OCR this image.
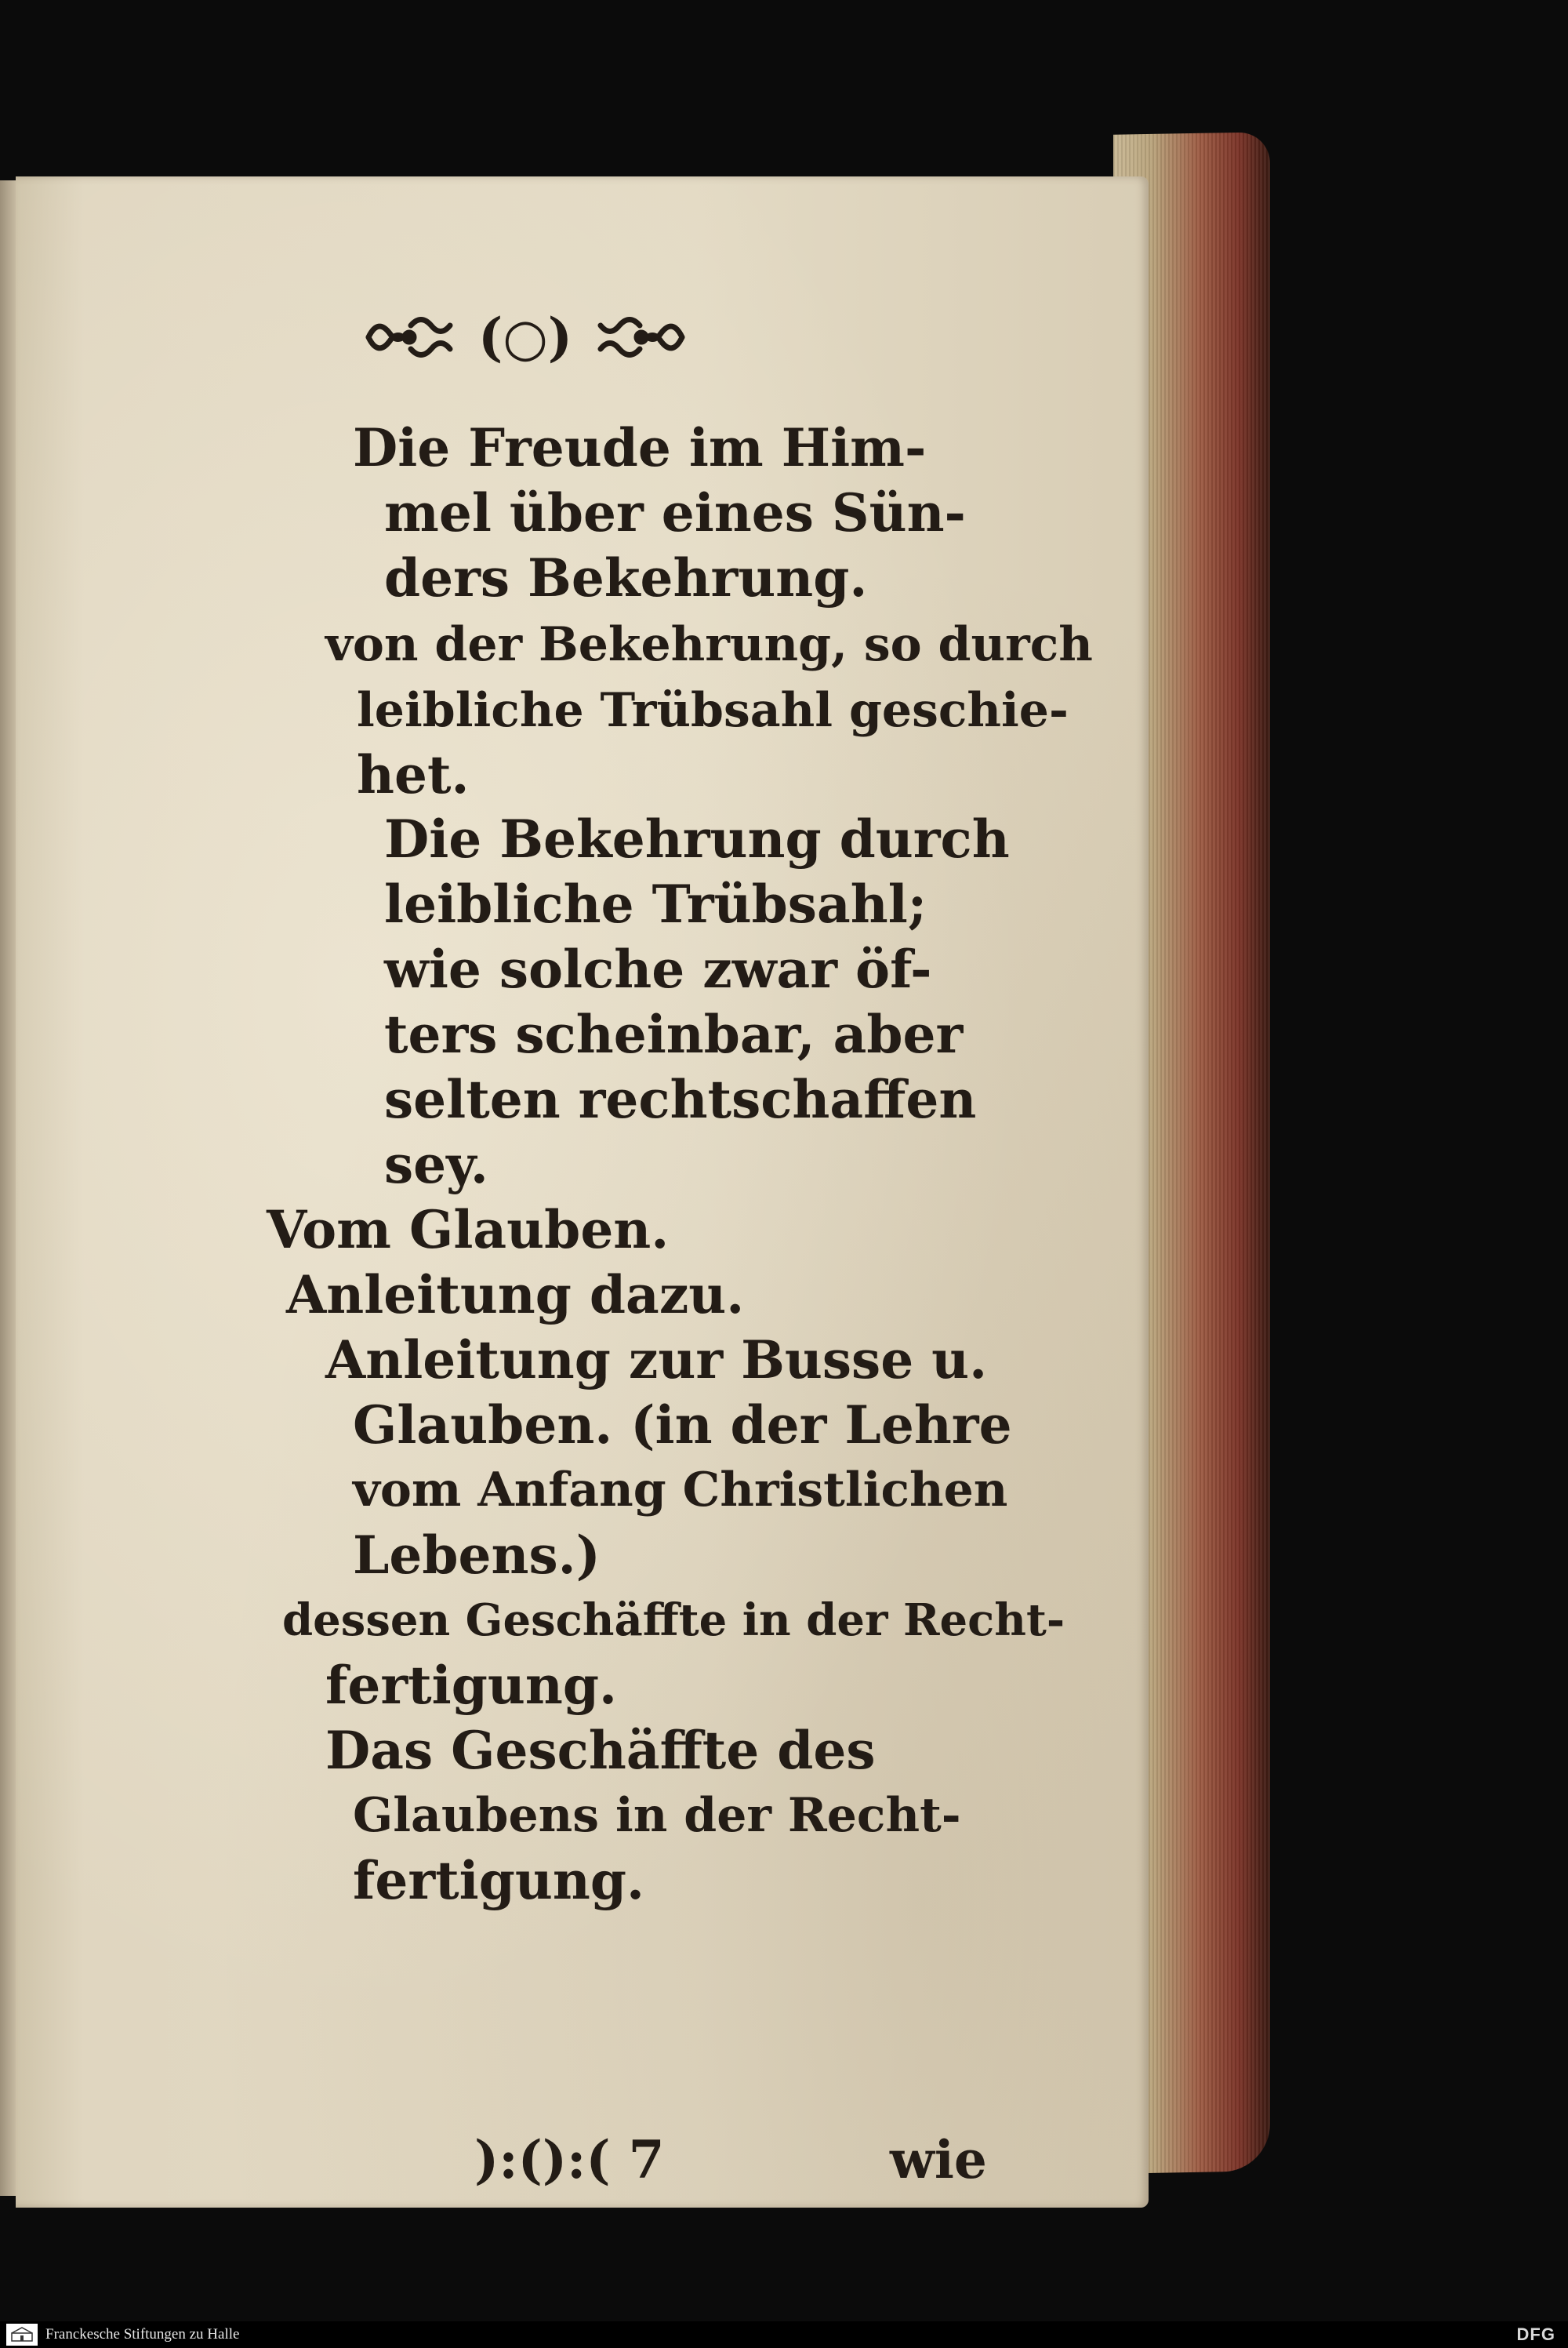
(○)
Die Freude im Him-
mel über eines Sün-
ders Bekehrung.
von der Bekehrung, so durch
leibliche Trübsahl geschie-
het.
Die Bekehrung durch
leibliche Trübsahl;
wie solche zwar öf-
ters scheinbar, aber
selten rechtschaffen
sey.
Vom Glauben.
Anleitung dazu.
Anleitung zur Busse u.
Glauben. (in der Lehre
vom Anfang Christlichen
Lebens.)
dessen Geschäffte in der Recht-
fertigung.
Das Geschäffte des
Glaubens in der Recht-
fertigung.
):():( 7	wie
Franckesche Stiftungen zu Halle	DFG
